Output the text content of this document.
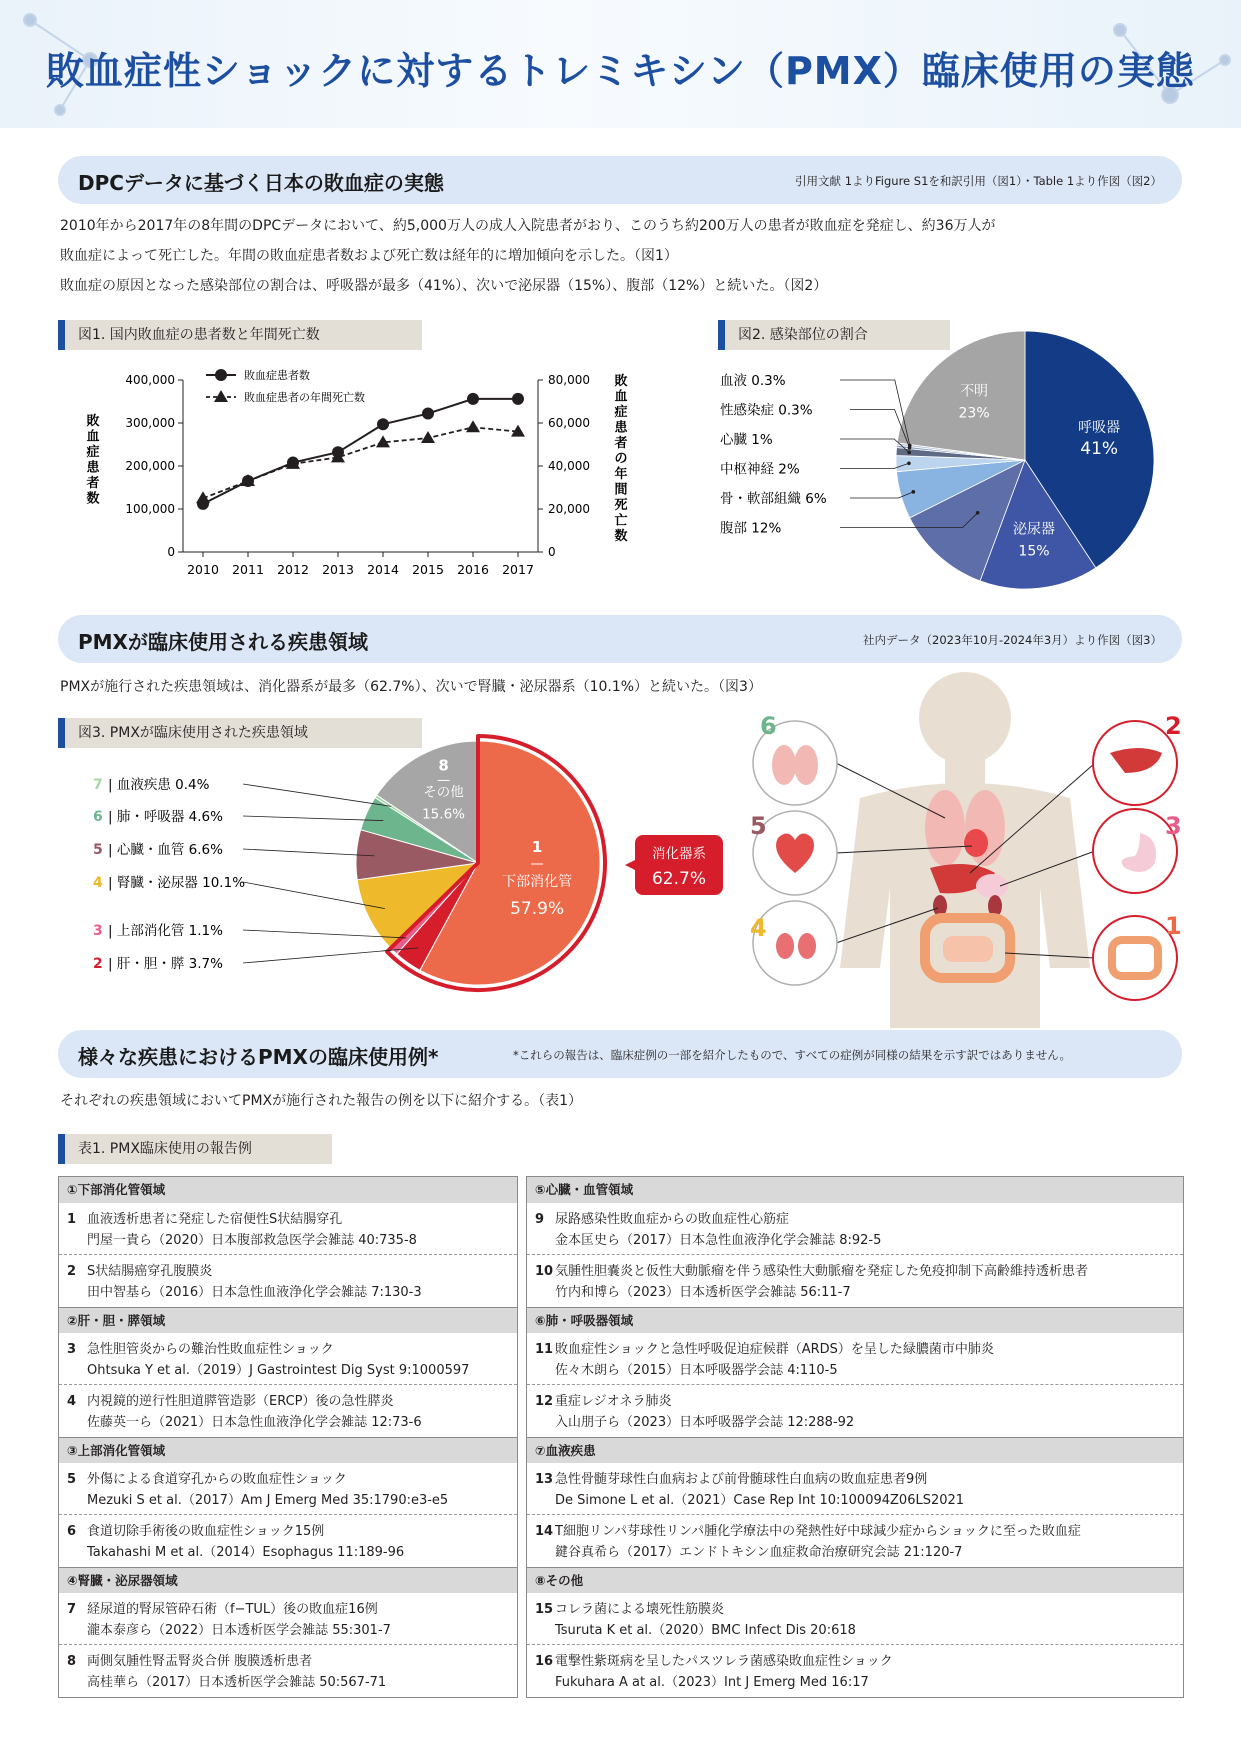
敗血症性ショックに対するトレミキシン（PMX）臨床使用の実態
DPCデータに基づく日本の敗血症の実態	引用文献 1よりFigure S1を和訳引用（図1）・Table 1より作図（図2）
2010年から2017年の8年間のDPCデータにおいて、約5,000万人の成人入院患者がおり、このうち約200万人の患者が敗血症を発症し、約36万人が
敗血症によって死亡した。年間の敗血症患者数および死亡数は経年的に増加傾向を示した。（図1）
敗血症の原因となった感染部位の割合は、呼吸器が最多（41%）、次いで泌尿器（15%）、腹部（12%）と続いた。（図2）
図1. 国内敗血症の患者数と年間死亡数	図2. 感染部位の割合
0
100,000
200,000
300,000
400,000
0
20,000
40,000
60,000
80,000
2010 2011 2012 2013 2014 2015 2016 2017
敗
血
症
患
者
数
敗
血
症
患
者
の
年
間
死
亡
数
敗血症患者数
敗血症患者の年間死亡数
呼吸器
41%
泌尿器
15%
不明
23%
血液 0.3%
性感染症 0.3%
心臓 1%
中枢神経 2%
骨・軟部組織 6%
腹部 12%
PMXが臨床使用される疾患領域	社内データ（2023年10月-2024年3月）より作図（図3）
PMXが施行された疾患領域は、消化器系が最多（62.7%）、次いで腎臓・泌尿器系（10.1%）と続いた。（図3）
図3. PMXが臨床使用された疾患領域
1
下部消化管
57.9%
8
その他
15.6%
7 | 血液疾患 0.4%
6 | 肺・呼吸器 4.6%
5 | 心臓・血管 6.6%
4 | 腎臓・泌尿器 10.1%
3 | 上部消化管 1.1%
2 | 肝・胆・膵 3.7%
消化器系
62.7%
6
5
4
2
3
1
様々な疾患におけるPMXの臨床使用例*	*これらの報告は、臨床症例の一部を紹介したもので、すべての症例が同様の結果を示す訳ではありません。
それぞれの疾患領域においてPMXが施行された報告の例を以下に紹介する。（表1）
表1. PMX臨床使用の報告例
①下部消化管領域
1 血液透析患者に発症した宿便性S状結腸穿孔
門屋一貴ら（2020）日本腹部救急医学会雑誌 40:735-8
2 S状結腸癌穿孔腹膜炎
田中智基ら（2016）日本急性血液浄化学会雑誌 7:130-3
②肝・胆・膵領域
3 急性胆管炎からの難治性敗血症性ショック
Ohtsuka Y et al.（2019）J Gastrointest Dig Syst 9:1000597
4 内視鏡的逆行性胆道膵管造影（ERCP）後の急性膵炎
佐藤英一ら（2021）日本急性血液浄化学会雑誌 12:73-6
③上部消化管領域
5 外傷による食道穿孔からの敗血症性ショック
Mezuki S et al.（2017）Am J Emerg Med 35:1790:e3-e5
6 食道切除手術後の敗血症性ショック15例
Takahashi M et al.（2014）Esophagus 11:189-96
④腎臓・泌尿器領域
7 経尿道的腎尿管砕石術（f−TUL）後の敗血症16例
瀧本泰彦ら（2022）日本透析医学会雑誌 55:301-7
8 両側気腫性腎盂腎炎合併 腹膜透析患者
高桂華ら（2017）日本透析医学会雑誌 50:567-71
⑤心臓・血管領域
9 尿路感染性敗血症からの敗血症性心筋症
金本匡史ら（2017）日本急性血液浄化学会雑誌 8:92-5
10 気腫性胆嚢炎と仮性大動脈瘤を伴う感染性大動脈瘤を発症した免疫抑制下高齢維持透析患者
竹内和博ら（2023）日本透析医学会雑誌 56:11-7
⑥肺・呼吸器領域
11 敗血症性ショックと急性呼吸促迫症候群（ARDS）を呈した緑膿菌市中肺炎
佐々木朗ら（2015）日本呼吸器学会誌 4:110-5
12 重症レジオネラ肺炎
入山朋子ら（2023）日本呼吸器学会誌 12:288-92
⑦血液疾患
13 急性骨髄芽球性白血病および前骨髄球性白血病の敗血症患者9例
De Simone L et al.（2021）Case Rep Int 10:100094Z06LS2021
14 T細胞リンパ芽球性リンパ腫化学療法中の発熱性好中球減少症からショックに至った敗血症
鍵谷真希ら（2017）エンドトキシン血症救命治療研究会誌 21:120-7
⑧その他
15 コレラ菌による壊死性筋膜炎
Tsuruta K et al.（2020）BMC Infect Dis 20:618
16 電撃性紫斑病を呈したパスツレラ菌感染敗血症性ショック
Fukuhara A at al.（2023）Int J Emerg Med 16:17
